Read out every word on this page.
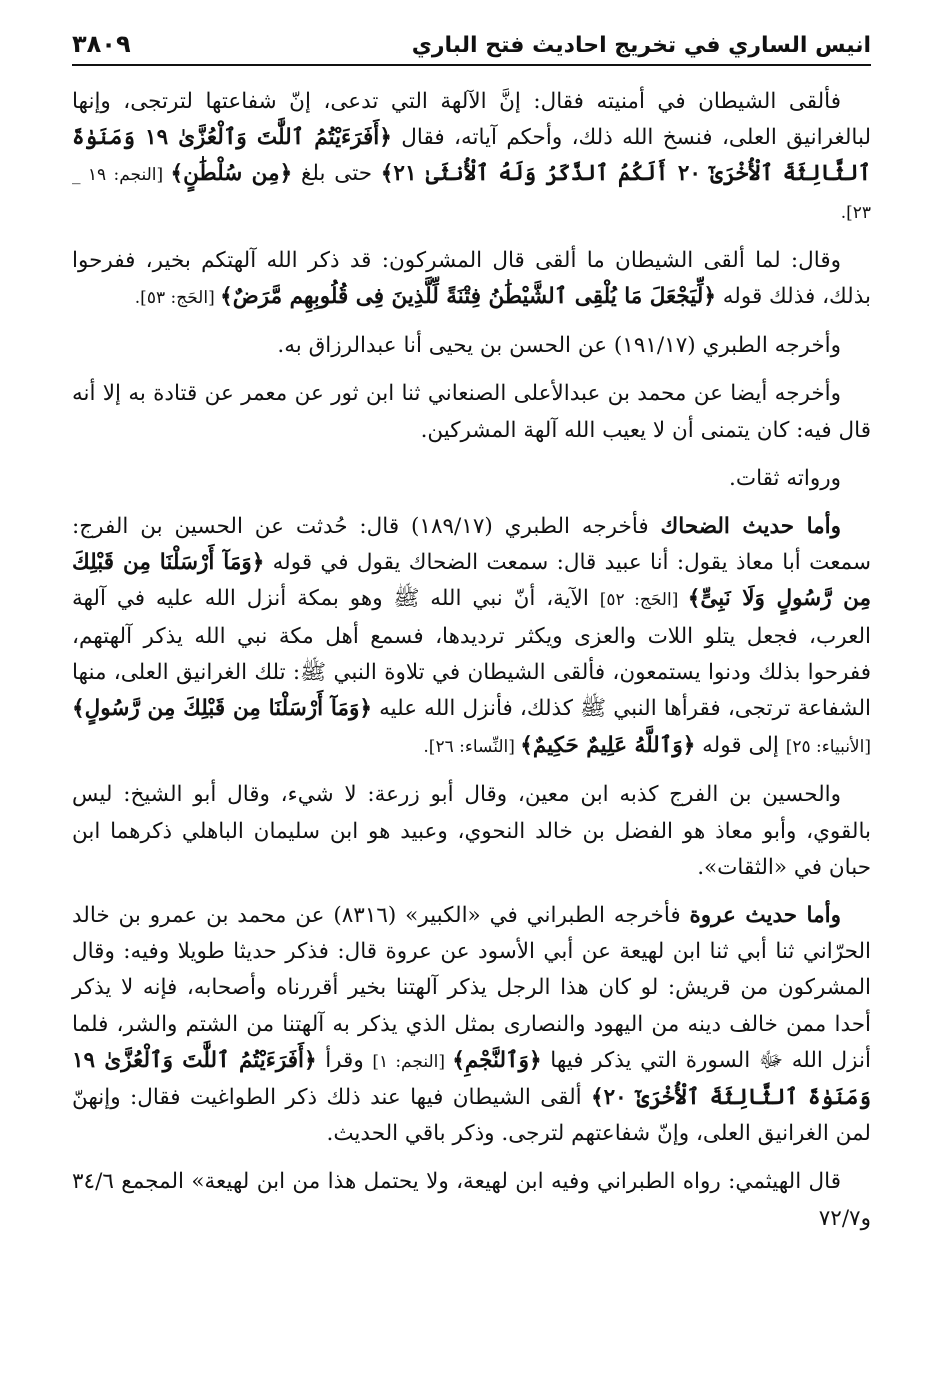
انيس الساري في تخريج احاديث فتح الباري
٣٨٠٩

فألقى الشيطان في أمنيته فقال: إنَّ الآلهة التي تدعى، إنّ شفاعتها لترتجى، وإنها لبالغرانيق العلى، فنسخ الله ذلك، وأحكم آياته، فقال ﴿أَفَرَءَيْتُمُ ٱللَّٰتَ وَٱلْعُزَّىٰ ١٩ وَمَنَوٰةَ ٱلثَّالِثَةَ ٱلْأُخْرَىٰٓ ٢٠ أَلَكُمُ ٱلذَّكَرُ وَلَهُ ٱلْأُنثَىٰ ٢١﴾ حتى بلغ ﴿مِن سُلْطَٰنٍ﴾ [النجم: ١٩ _ ٢٣].

وقال: لما ألقى الشيطان ما ألقى قال المشركون: قد ذكر الله آلهتكم بخير، ففرحوا بذلك، فذلك قوله ﴿لِّيَجْعَلَ مَا يُلْقِى ٱلشَّيْطَٰنُ فِتْنَةً لِّلَّذِينَ فِى قُلُوبِهِم مَّرَضٌ﴾ [الحَج: ٥٣].

وأخرجه الطبري (١٩١/١٧) عن الحسن بن يحيى أنا عبدالرزاق به.

وأخرجه أيضا عن محمد بن عبدالأعلى الصنعاني ثنا ابن ثور عن معمر عن قتادة به إلا أنه قال فيه: كان يتمنى أن لا يعيب الله آلهة المشركين.

ورواته ثقات.

وأما حديث الضحاك فأخرجه الطبري (١٨٩/١٧) قال: حُدثت عن الحسين بن الفرج: سمعت أبا معاذ يقول: أنا عبيد قال: سمعت الضحاك يقول في قوله ﴿وَمَآ أَرْسَلْنَا مِن قَبْلِكَ مِن رَّسُولٍ وَلَا نَبِىٍّ﴾ [الحَج: ٥٢] الآية، أنّ نبي الله ﷺ وهو بمكة أنزل الله عليه في آلهة العرب، فجعل يتلو اللات والعزى ويكثر ترديدها، فسمع أهل مكة نبي الله يذكر آلهتهم، ففرحوا بذلك ودنوا يستمعون، فألقى الشيطان في تلاوة النبي ﷺ: تلك الغرانيق العلى، منها الشفاعة ترتجى، فقرأها النبي ﷺ كذلك، فأنزل الله عليه ﴿وَمَآ أَرْسَلْنَا مِن قَبْلِكَ مِن رَّسُولٍ﴾ [الأنبياء: ٢٥] إلى قوله ﴿وَٱللَّهُ عَلِيمٌ حَكِيمٌ﴾ [النِّساء: ٢٦].

والحسين بن الفرج كذبه ابن معين، وقال أبو زرعة: لا شيء، وقال أبو الشيخ: ليس بالقوي، وأبو معاذ هو الفضل بن خالد النحوي، وعبيد هو ابن سليمان الباهلي ذكرهما ابن حبان في «الثقات».

وأما حديث عروة فأخرجه الطبراني في «الكبير» (٨٣١٦) عن محمد بن عمرو بن خالد الحرّاني ثنا أبي ثنا ابن لهيعة عن أبي الأسود عن عروة قال: فذكر حديثا طويلا وفيه: وقال المشركون من قريش: لو كان هذا الرجل يذكر آلهتنا بخير أقررناه وأصحابه، فإنه لا يذكر أحدا ممن خالف دينه من اليهود والنصارى بمثل الذي يذكر به آلهتنا من الشتم والشر، فلما أنزل الله ﷻ السورة التي يذكر فيها ﴿وَٱلنَّجْمِ﴾ [النجم: ١] وقرأ ﴿أَفَرَءَيْتُمُ ٱللَّٰتَ وَٱلْعُزَّىٰ ١٩ وَمَنَوٰةَ ٱلثَّالِثَةَ ٱلْأُخْرَىٰٓ ٢٠﴾ ألقى الشيطان فيها عند ذلك ذكر الطواغيت فقال: وإنهنّ لمن الغرانيق العلى، وإنّ شفاعتهم لترجى. وذكر باقي الحديث.

قال الهيثمي: رواه الطبراني وفيه ابن لهيعة، ولا يحتمل هذا من ابن لهيعة» المجمع ٣٤/٦ و٧٢/٧
